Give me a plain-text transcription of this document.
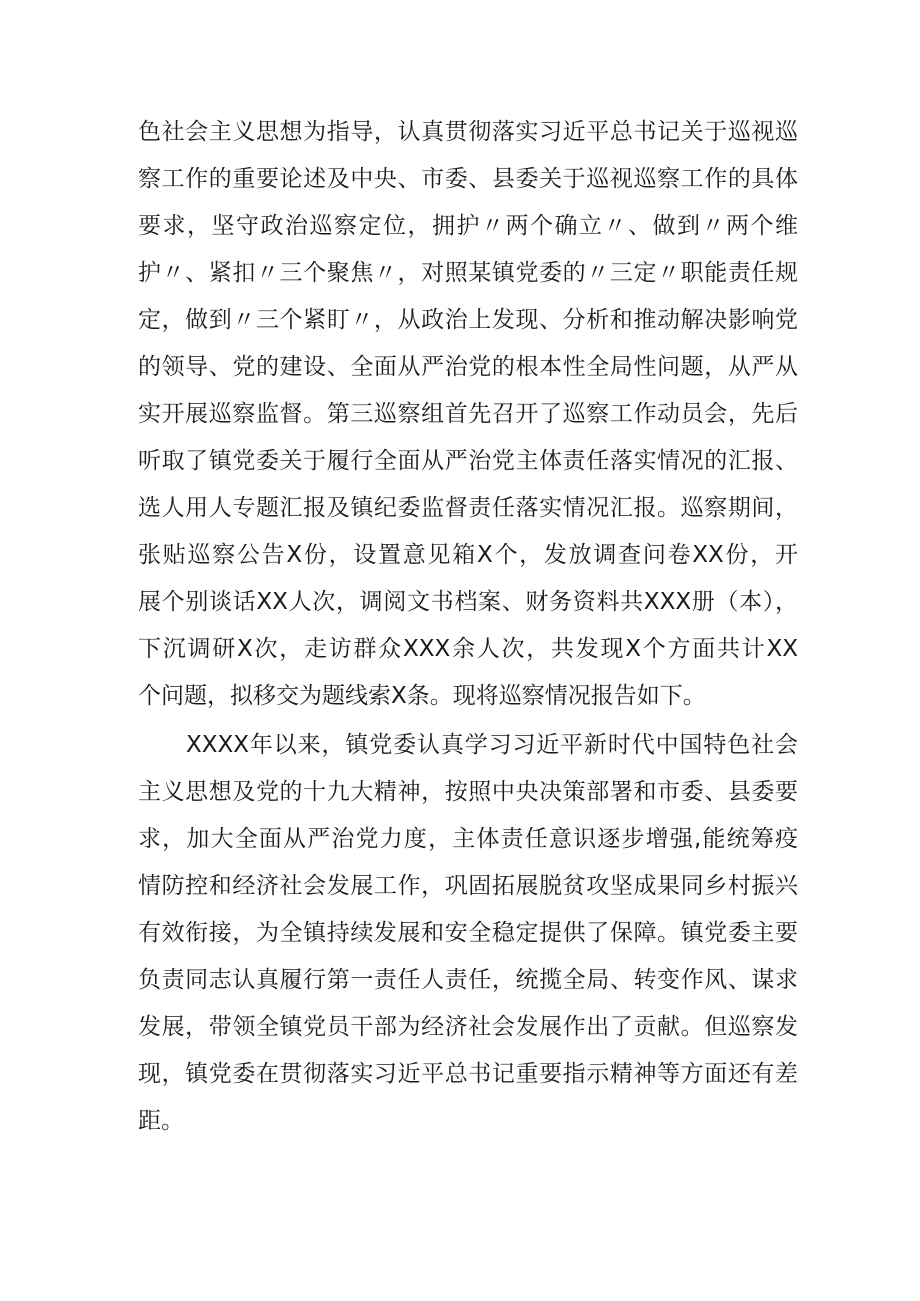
色社会主义思想为指导，认真贯彻落实习近平总书记关于巡视巡
察工作的重要论述及中央、市委、县委关于巡视巡察工作的具体
要求，坚守政治巡察定位，拥护〃两个确立〃、做到〃两个维
护〃、紧扣〃三个聚焦〃，对照某镇党委的〃三定〃职能责任规
定，做到〃三个紧盯〃，从政治上发现、分析和推动解决影响党
的领导、党的建设、全面从严治党的根本性全局性问题，从严从
实开展巡察监督。第三巡察组首先召开了巡察工作动员会，先后
听取了镇党委关于履行全面从严治党主体责任落实情况的汇报、
选人用人专题汇报及镇纪委监督责任落实情况汇报。巡察期间，
张贴巡察公告X份，设置意见箱X个，发放调查问卷XX份，开
展个别谈话XX人次，调阅文书档案、财务资料共XXX册（本），
下沉调研X次，走访群众XXX余人次，共发现X个方面共计XX
个问题，拟移交为题线索X条。现将巡察情况报告如下。
XXXX年以来，镇党委认真学习习近平新时代中国特色社会
主义思想及党的十九大精神，按照中央决策部署和市委、县委要
求，加大全面从严治党力度，主体责任意识逐步增强,能统筹疫
情防控和经济社会发展工作，巩固拓展脱贫攻坚成果同乡村振兴
有效衔接，为全镇持续发展和安全稳定提供了保障。镇党委主要
负责同志认真履行第一责任人责任，统揽全局、转变作风、谋求
发展，带领全镇党员干部为经济社会发展作出了贡献。但巡察发
现，镇党委在贯彻落实习近平总书记重要指示精神等方面还有差
距。
